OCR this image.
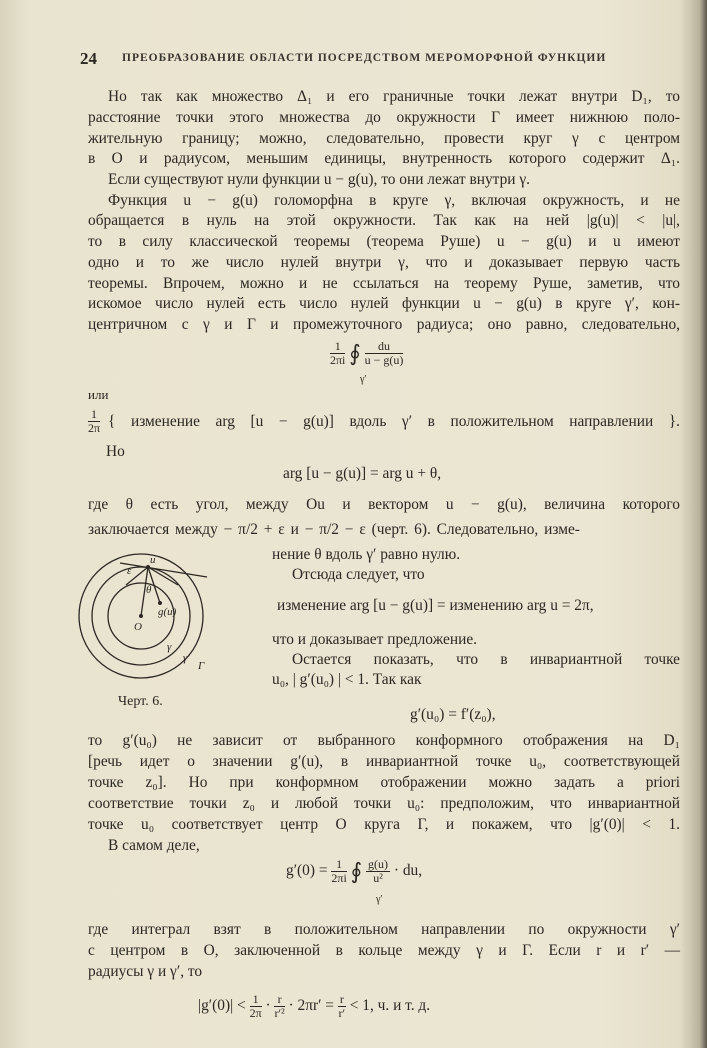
24 ПРЕОБРАЗОВАНИЕ ОБЛАСТИ ПОСРЕДСТВОМ МЕРОМОРФНОЙ ФУНКЦИИ
Но так как множество Δ₁ и его граничные точки лежат внутри D₁, то
расстояние точки этого множества до окружности Γ имеет нижнюю поло-
жительную границу; можно, следовательно, провести круг γ с центром
в O и радиусом, меньшим единицы, внутренность которого содержит Δ₁.
Если существуют нули функции u − g(u), то они лежат внутри γ.
Функция u − g(u) голоморфна в круге γ, включая окружность, и не
обращается в нуль на этой окружности. Так как на ней |g(u)| < |u|,
то в силу классической теоремы (теорема Руше) u − g(u) и u имеют
одно и то же число нулей внутри γ, что и доказывает первую часть
теоремы. Впрочем, можно и не ссылаться на теорему Руше, заметив, что
искомое число нулей есть число нулей функции u − g(u) в круге γ′, кон-
центричном с γ и Γ и промежуточного радиуса; оно равно, следовательно,
$\frac{1}{2\pi i}$ ∮ $\frac{du}{u - g(u)}$
γ′
или
$\frac{1}{2\pi}$ { изменение arg [u − g(u)] вдоль γ′ в положительном направлении }.
Но
arg [u − g(u)] = arg u + θ,
где θ есть угол, между Ou и вектором u − g(u), величина которого
заключается между − π/2 + ε и − π/2 − ε (черт. 6). Следовательно, изме-
нение θ вдоль γ′ равно нулю.
Отсюда следует, что
изменение arg [u − g(u)] = изменению arg u = 2π,
что и доказывает предложение.
Остается показать, что в инвариантной точке
u₀, | g′(u₀) | < 1. Так как
u
ε
θ
g(u)
O
γ
γ′
Γ
Черт. 6.
g′(u₀) = f′(z₀),
то g′(u₀) не зависит от выбранного конформного отображения на D₁
[речь идет о значении g′(u), в инвариантной точке u₀, соответствующей
точке z₀]. Но при конформном отображении можно задать a priori
соответствие точки z₀ и любой точки u₀: предположим, что инвариантной
точке u₀ соответствует центр O круга Γ, и покажем, что |g′(0)| < 1.
В самом деле,
$g'(0) = \frac{1}{2\pi i}$ ∮ $\frac{g(u)}{\text{u²}}$ · du,
γ′
где интеграл взят в положительном направлении по окружности γ′
с центром в O, заключенной в кольце между γ и Γ. Если r и r′ —
радиусы γ и γ′, то
$|g'(0)| < \frac{1}{2\pi} \cdot \frac{r}{\text{r′²}} \cdot 2\pi r' = \frac{r}{r'} < 1$, ч. и т. д.
